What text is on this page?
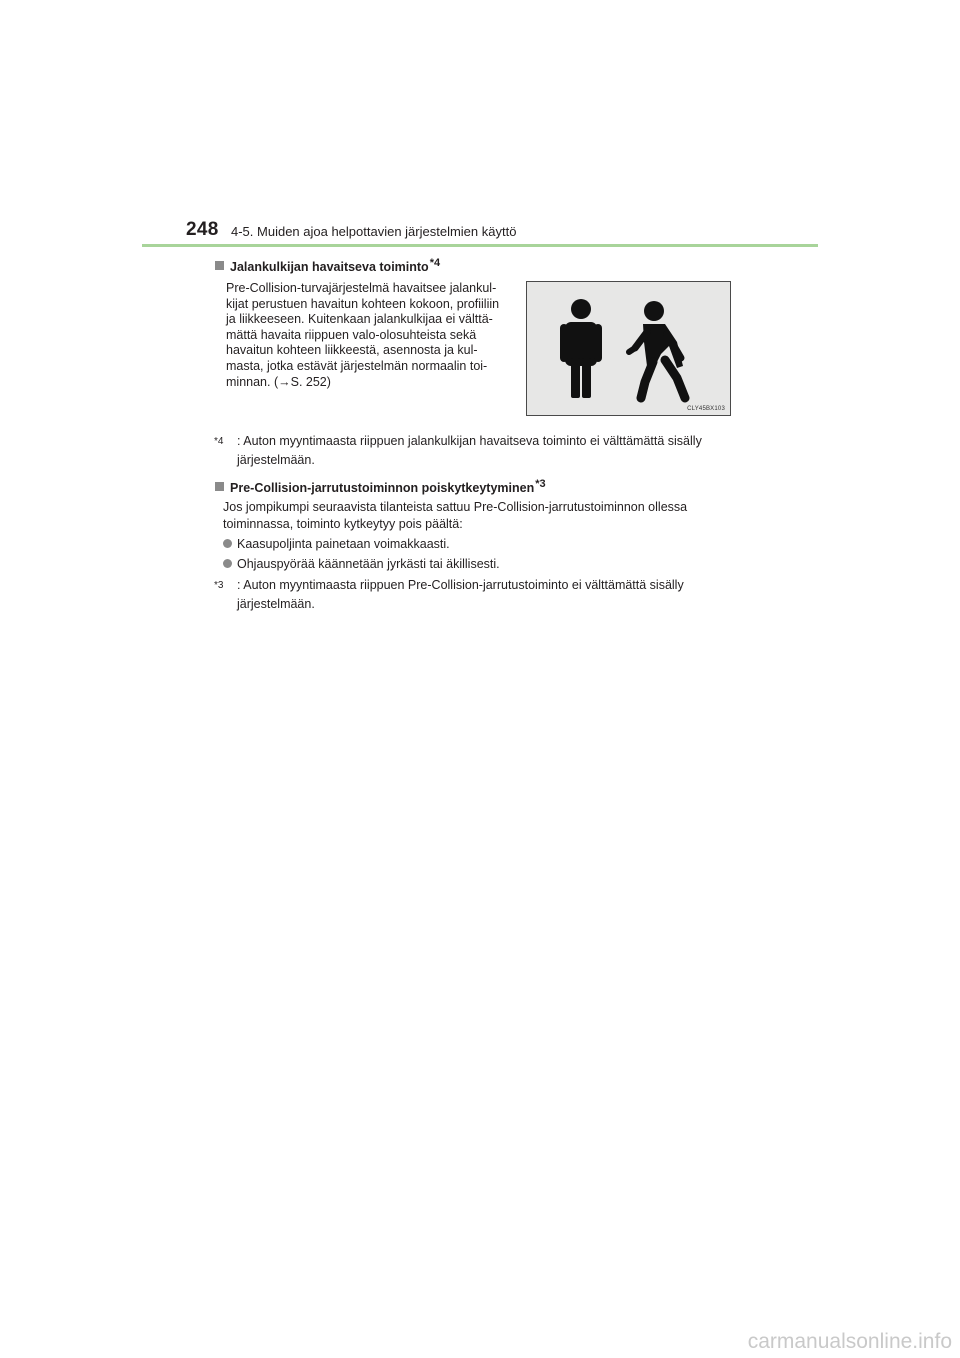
248 4-5. Muiden ajoa helpottavien järjestelmien käyttö
Jalankulkijan havaitseva toiminto$^{*4}$
Pre-Collision-turvajärjestelmä havaitsee jalankul-
kijat perustuen havaitun kohteen kokoon, profiiliin
ja liikkeeseen. Kuitenkaan jalankulkijaa ei välttä-
mättä havaita riippuen valo-olosuhteista sekä
havaitun kohteen liikkeestä, asennosta ja kul-
masta, jotka estävät järjestelmän normaalin toi-
minnan. (→S. 252)
CLY45BX103
$^{*4}$ : Auton myyntimaasta riippuen jalankulkijan havaitseva toiminto ei välttämättä sisälly
järjestelmään.
Pre-Collision-jarrutustoiminnon poiskytkeytyminen$^{*3}$
Jos jompikumpi seuraavista tilanteista sattuu Pre-Collision-jarrutustoiminnon ollessa
toiminnassa, toiminto kytkeytyy pois päältä:
Kaasupoljinta painetaan voimakkaasti.
Ohjauspyörää käännetään jyrkästi tai äkillisesti.
$^{*3}$ : Auton myyntimaasta riippuen Pre-Collision-jarrutustoiminto ei välttämättä sisälly
järjestelmään.
carmanualsonline.info
